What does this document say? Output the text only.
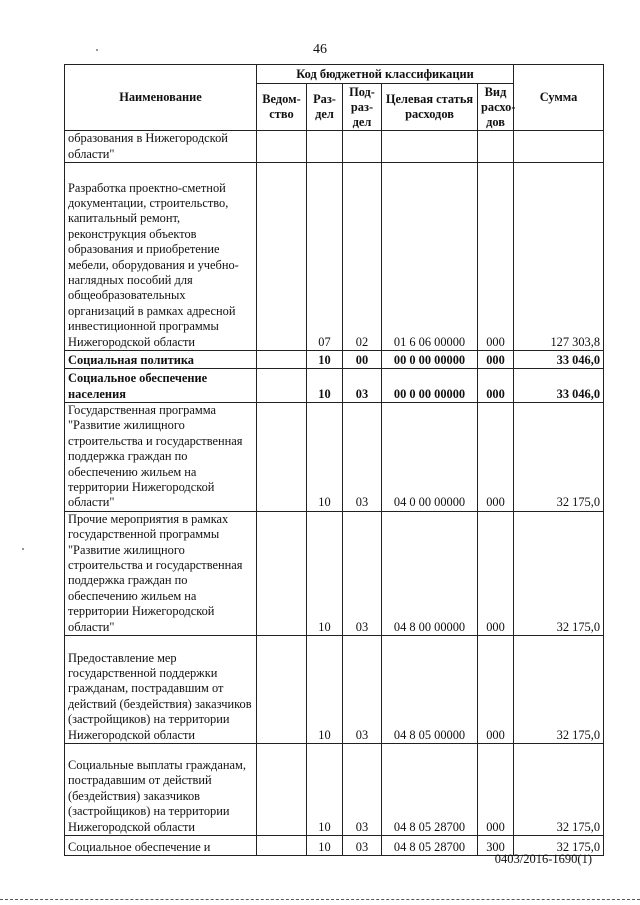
46
Наименование	Код бюджетной классификации					Сумма
	Ведом-ство	Раз-дел	Под-раз-дел	Целевая статья расходов	Вид расхо-дов	
образования в Нижегородской области"						
Разработка проектно-сметной документации, строительство, капитальный ремонт, реконструкция объектов образования и приобретение мебели, оборудования и учебно-наглядных пособий для общеобразовательных организаций в рамках адресной инвестиционной программы Нижегородской области		07	02	01 6 06 00000	000	127 303,8
Социальная политика		10	00	00 0 00 00000	000	33 046,0
Социальное обеспечение населения		10	03	00 0 00 00000	000	33 046,0
Государственная программа "Развитие жилищного строительства и государственная поддержка граждан по обеспечению жильем на территории Нижегородской области"		10	03	04 0 00 00000	000	32 175,0
Прочие мероприятия в рамках государственной программы "Развитие жилищного строительства и государственная поддержка граждан по обеспечению жильем на территории Нижегородской области"		10	03	04 8 00 00000	000	32 175,0
Предоставление мер государственной поддержки гражданам, пострадавшим от действий (бездействия) заказчиков (застройщиков) на территории Нижегородской области		10	03	04 8 05 00000	000	32 175,0
Социальные выплаты гражданам, пострадавшим от действий (бездействия) заказчиков (застройщиков) на территории Нижегородской области		10	03	04 8 05 28700	000	32 175,0
Социальное обеспечение и		10	03	04 8 05 28700	300	32 175,0
0403/2016-1690(1)
